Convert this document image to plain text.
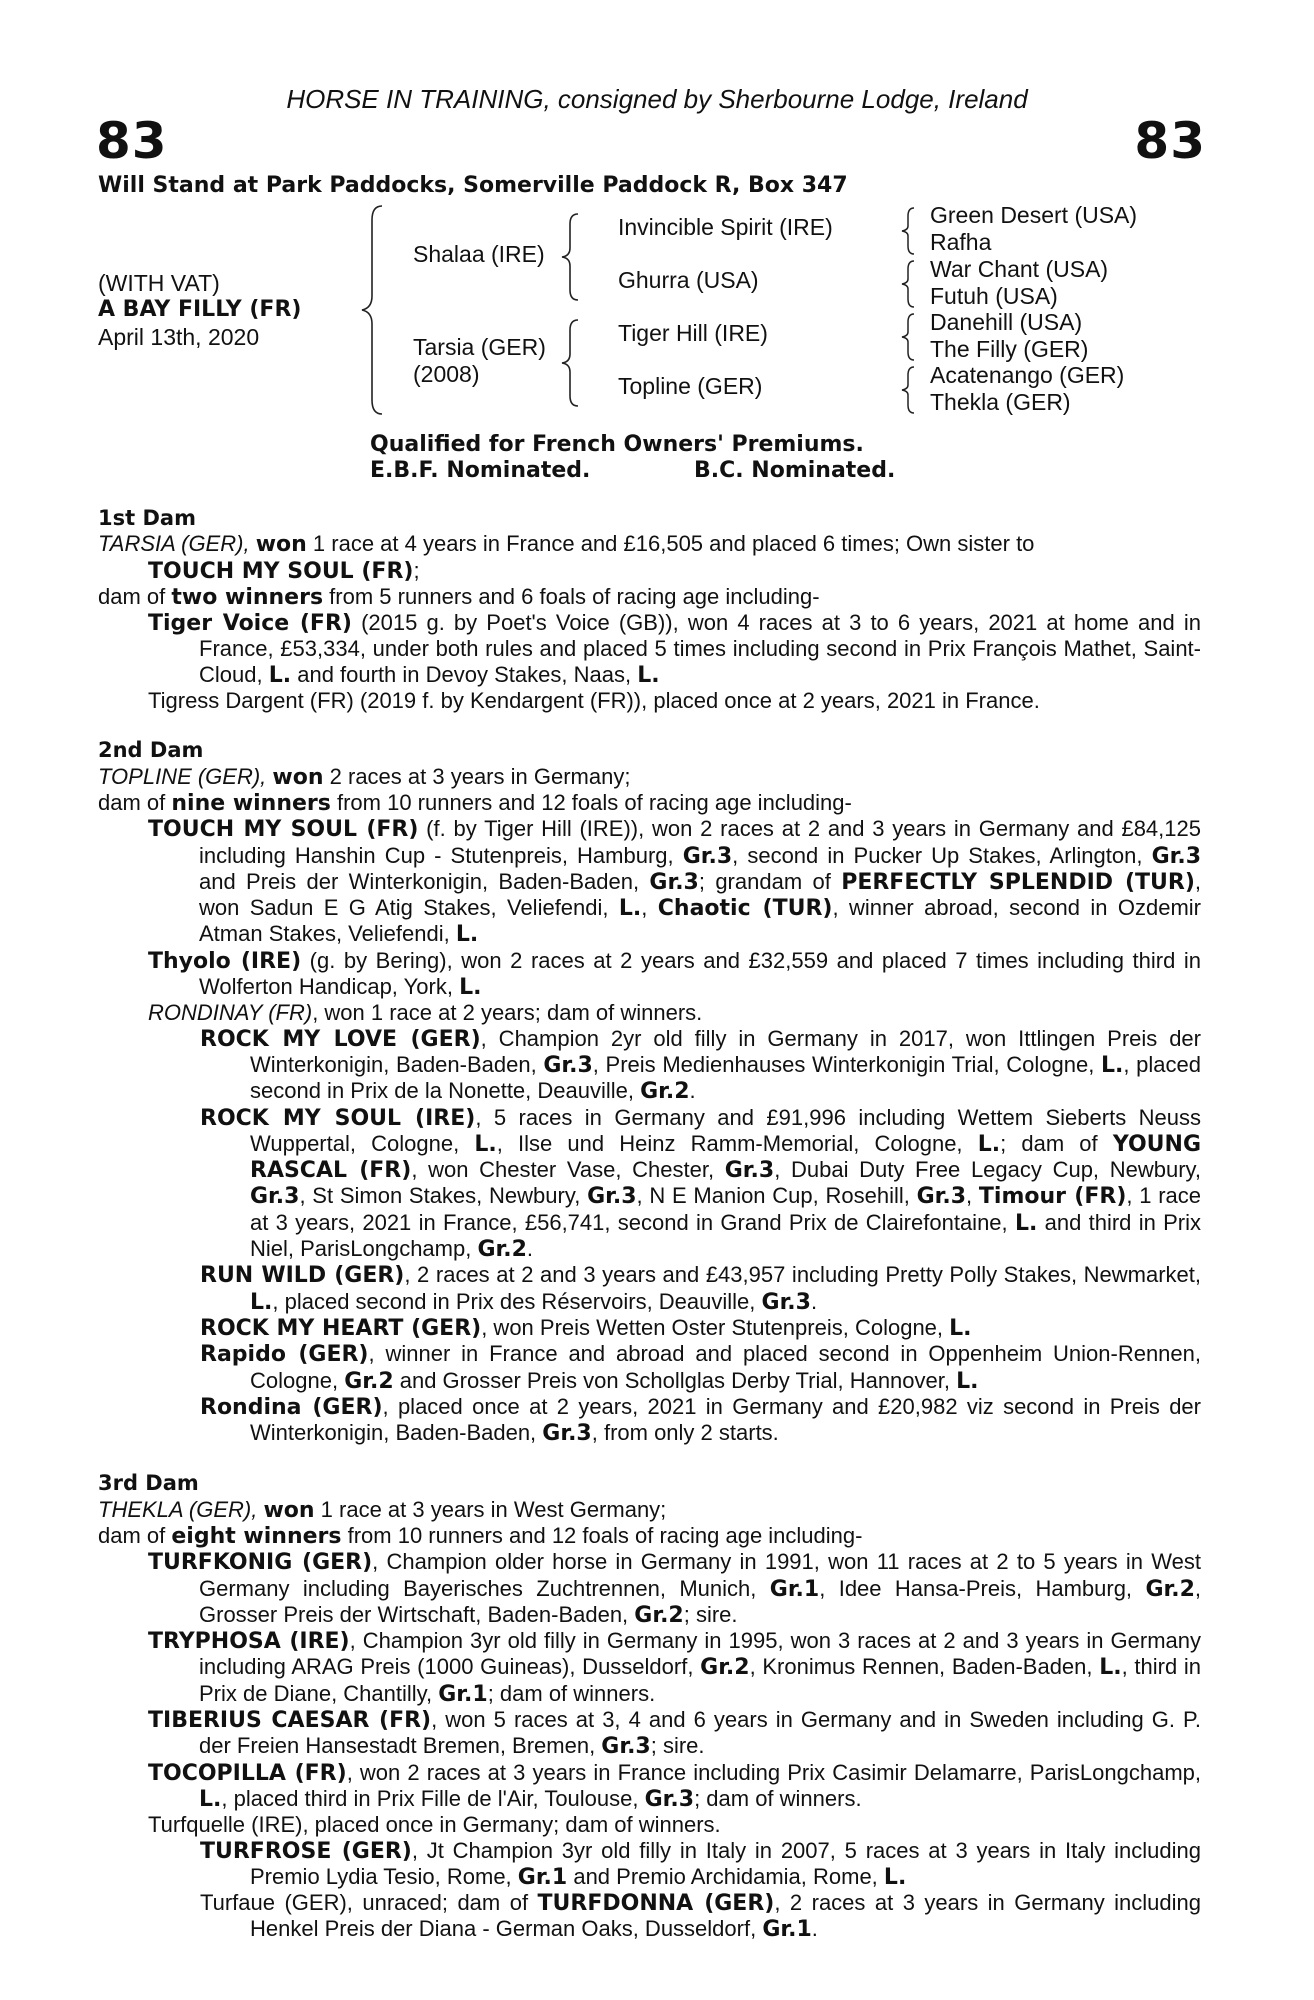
HORSE IN TRAINING, consigned by Sherbourne Lodge, Ireland
83	83
Will Stand at Park Paddocks, Somerville Paddock R, Box 347
(WITH VAT)
A BAY FILLY (FR)
April 13th, 2020
Shalaa (IRE)
Tarsia (GER)
(2008)
Invincible Spirit (IRE)
Ghurra (USA)
Tiger Hill (IRE)
Topline (GER)
Green Desert (USA)
Rafha
War Chant (USA)
Futuh (USA)
Danehill (USA)
The Filly (GER)
Acatenango (GER)
Thekla (GER)
Qualified for French Owners' Premiums.
E.B.F. Nominated.	B.C. Nominated.
1st Dam
TARSIA (GER), won 1 race at 4 years in France and £16,505 and placed 6 times; Own sister to
TOUCH MY SOUL (FR);
dam of two winners from 5 runners and 6 foals of racing age including-
Tiger Voice (FR) (2015 g. by Poet's Voice (GB)), won 4 races at 3 to 6 years, 2021 at home and in France, £53,334, under both rules and placed 5 times including second in Prix François Mathet, Saint-Cloud, L. and fourth in Devoy Stakes, Naas, L.
Tigress Dargent (FR) (2019 f. by Kendargent (FR)), placed once at 2 years, 2021 in France.
2nd Dam
TOPLINE (GER), won 2 races at 3 years in Germany;
dam of nine winners from 10 runners and 12 foals of racing age including-
TOUCH MY SOUL (FR) (f. by Tiger Hill (IRE)), won 2 races at 2 and 3 years in Germany and £84,125 including Hanshin Cup - Stutenpreis, Hamburg, Gr.3, second in Pucker Up Stakes, Arlington, Gr.3 and Preis der Winterkonigin, Baden-Baden, Gr.3; grandam of PERFECTLY SPLENDID (TUR), won Sadun E G Atig Stakes, Veliefendi, L., Chaotic (TUR), winner abroad, second in Ozdemir Atman Stakes, Veliefendi, L.
Thyolo (IRE) (g. by Bering), won 2 races at 2 years and £32,559 and placed 7 times including third in Wolferton Handicap, York, L.
RONDINAY (FR), won 1 race at 2 years; dam of winners.
ROCK MY LOVE (GER), Champion 2yr old filly in Germany in 2017, won Ittlingen Preis der Winterkonigin, Baden-Baden, Gr.3, Preis Medienhauses Winterkonigin Trial, Cologne, L., placed second in Prix de la Nonette, Deauville, Gr.2.
ROCK MY SOUL (IRE), 5 races in Germany and £91,996 including Wettem Sieberts Neuss Wuppertal, Cologne, L., Ilse und Heinz Ramm-Memorial, Cologne, L.; dam of YOUNG RASCAL (FR), won Chester Vase, Chester, Gr.3, Dubai Duty Free Legacy Cup, Newbury, Gr.3, St Simon Stakes, Newbury, Gr.3, N E Manion Cup, Rosehill, Gr.3, Timour (FR), 1 race at 3 years, 2021 in France, £56,741, second in Grand Prix de Clairefontaine, L. and third in Prix Niel, ParisLongchamp, Gr.2.
RUN WILD (GER), 2 races at 2 and 3 years and £43,957 including Pretty Polly Stakes, Newmarket, L., placed second in Prix des Réservoirs, Deauville, Gr.3.
ROCK MY HEART (GER), won Preis Wetten Oster Stutenpreis, Cologne, L.
Rapido (GER), winner in France and abroad and placed second in Oppenheim Union-Rennen, Cologne, Gr.2 and Grosser Preis von Schollglas Derby Trial, Hannover, L.
Rondina (GER), placed once at 2 years, 2021 in Germany and £20,982 viz second in Preis der Winterkonigin, Baden-Baden, Gr.3, from only 2 starts.
3rd Dam
THEKLA (GER), won 1 race at 3 years in West Germany;
dam of eight winners from 10 runners and 12 foals of racing age including-
TURFKONIG (GER), Champion older horse in Germany in 1991, won 11 races at 2 to 5 years in West Germany including Bayerisches Zuchtrennen, Munich, Gr.1, Idee Hansa-Preis, Hamburg, Gr.2, Grosser Preis der Wirtschaft, Baden-Baden, Gr.2; sire.
TRYPHOSA (IRE), Champion 3yr old filly in Germany in 1995, won 3 races at 2 and 3 years in Germany including ARAG Preis (1000 Guineas), Dusseldorf, Gr.2, Kronimus Rennen, Baden-Baden, L., third in Prix de Diane, Chantilly, Gr.1; dam of winners.
TIBERIUS CAESAR (FR), won 5 races at 3, 4 and 6 years in Germany and in Sweden including G. P. der Freien Hansestadt Bremen, Bremen, Gr.3; sire.
TOCOPILLA (FR), won 2 races at 3 years in France including Prix Casimir Delamarre, ParisLongchamp, L., placed third in Prix Fille de l'Air, Toulouse, Gr.3; dam of winners.
Turfquelle (IRE), placed once in Germany; dam of winners.
TURFROSE (GER), Jt Champion 3yr old filly in Italy in 2007, 5 races at 3 years in Italy including Premio Lydia Tesio, Rome, Gr.1 and Premio Archidamia, Rome, L.
Turfaue (GER), unraced; dam of TURFDONNA (GER), 2 races at 3 years in Germany including Henkel Preis der Diana - German Oaks, Dusseldorf, Gr.1.
